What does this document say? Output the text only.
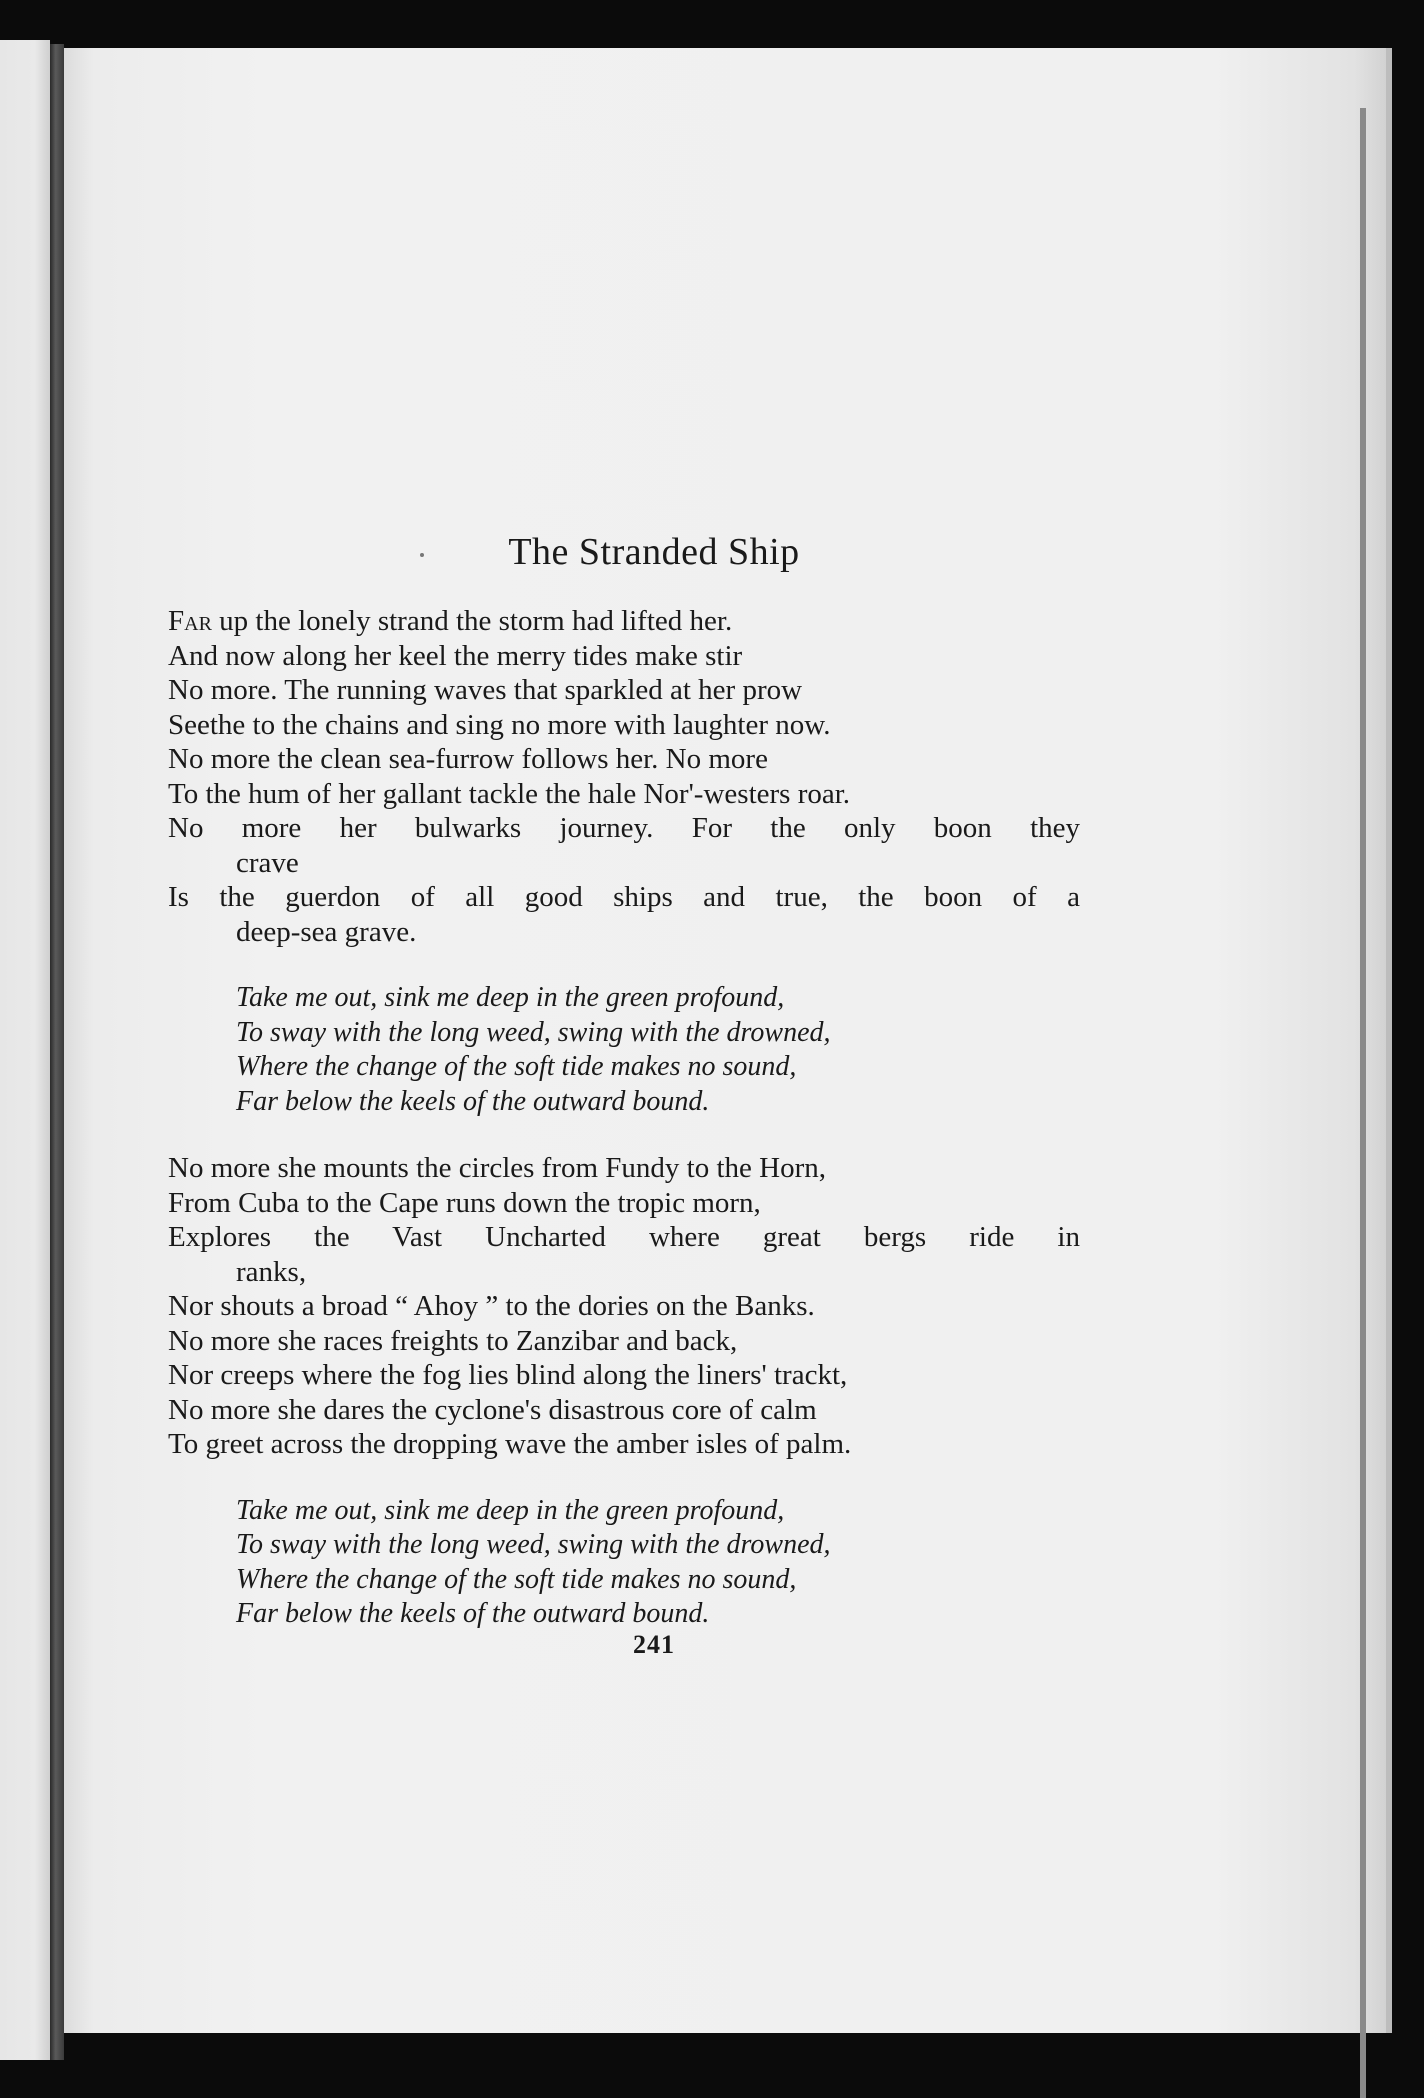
The Stranded Ship
Far up the lonely strand the storm had lifted her.
And now along her keel the merry tides make stir
No more. The running waves that sparkled at her prow
Seethe to the chains and sing no more with laughter now.
No more the clean sea-furrow follows her. No more
To the hum of her gallant tackle the hale Nor'-westers roar.
No more her bulwarks journey. For the only boon they
crave
Is the guerdon of all good ships and true, the boon of a
deep-sea grave.
Take me out, sink me deep in the green profound,
To sway with the long weed, swing with the drowned,
Where the change of the soft tide makes no sound,
Far below the keels of the outward bound.
No more she mounts the circles from Fundy to the Horn,
From Cuba to the Cape runs down the tropic morn,
Explores the Vast Uncharted where great bergs ride in
ranks,
Nor shouts a broad “ Ahoy ” to the dories on the Banks.
No more she races freights to Zanzibar and back,
Nor creeps where the fog lies blind along the liners' trackt,
No more she dares the cyclone's disastrous core of calm
To greet across the dropping wave the amber isles of palm.
Take me out, sink me deep in the green profound,
To sway with the long weed, swing with the drowned,
Where the change of the soft tide makes no sound,
Far below the keels of the outward bound.
241
